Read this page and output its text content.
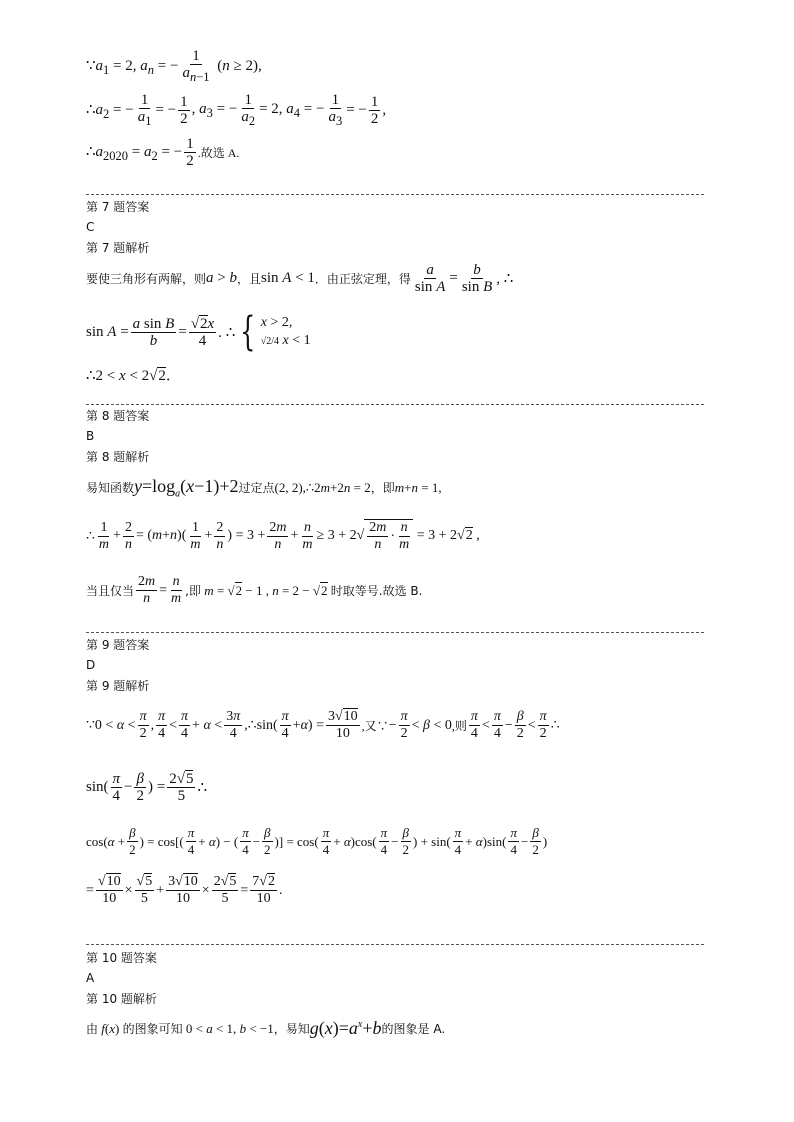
$\because a_1 = 2$, $a_n$ = − $\frac{1}{a_{n-1}} (n \ge 2)$,
$\therefore a_2$ = − $\frac{1}{a_1}$ = − $\frac{1}{2}$ , $a_3$ = − $\frac{1}{a_2} = 2$, $a_4$ = − $\frac{1}{a_3}$ = − $\frac{1}{2}$ ,
$\therefore a_{2020} = a_2$ = − $\frac{1}{2}$ .故选 A.
第 7 题答案
C
第 7 题解析
要使三角形有两解，则 a > b ，且 sin A < 1 ．由正弦定理，得 $\frac{a}{\text{sin A}} = \frac{b}{\text{sin B}}$ , ∴
$\sin A = \frac{\text{a sin B}}{b} = \frac{√2x}{4}$ . ∴ { x > 2,
√2/4 x < 1
∴2 < x < 2√2．
第 8 题答案
B
第 8 题解析
易知函数 $y=\log_a(x-1)+2$ 过定点 (2, 2),∴2m+2n = 2 ，即 m+n = 1,
∴ $\frac{1}{m} + \frac{2}{n} = (m+n)( \frac{1}{m} + \frac{2}{n}$ ) = $3 + \frac{2m}{n} + \frac{n}{m} \ge 3 + 2√ \frac{2m}{n} \cdot \frac{n}{m} = 3 + 2√2$ ,
当且仅当 $\frac{2m}{n} = \frac{n}{m}$ ,即 m = √2 − 1 , n = 2 − √2 时取等号.故选 B.
第 9 题答案
D
第 9 题解析
∵0 < $\alpha < \frac{\pi}{2}$ , $\frac{\pi}{4} < \frac{\pi}{4} + \alpha < \frac{3\pi}{4}$ ,∴sin( $\frac{\pi}{4} +\alpha) = \frac{3√10}{10}$ ,又∵ − $\frac{\pi}{2} < \beta < 0$ ,则 $\frac{\pi}{4} < \frac{\pi}{4} - \frac{\beta}{2} < \frac{\pi}{2}$ ∴
$\sin( \frac{\pi}{4} - \frac{\beta}{2}$ ) = $\frac{2√5}{5}$ ∴
$\cos(\alpha + \frac{\beta}{2}$ ) = $\cos[( \frac{\pi}{4} + \alpha)$ − ( $\frac{\pi}{4} - \frac{\beta}{2}$ )] = $\cos( \frac{\pi}{4} + \alpha)\cos( \frac{\pi}{4} - \frac{\beta}{2}$ ) + $\sin( \frac{\pi}{4} + \alpha)\sin( \frac{\pi}{4} - \frac{\beta}{2}$ )
= $\frac{√10}{10} \times \frac{√5}{5} + \frac{3√10}{10} \times \frac{2√5}{5} = \frac{7√2}{10}$ .
第 10 题答案
A
第 10 题解析
由 f(x) 的图象可知 0 < a < 1, b < −1 ，易知 $g(x)=a^x+b$ 的图象是 A.
